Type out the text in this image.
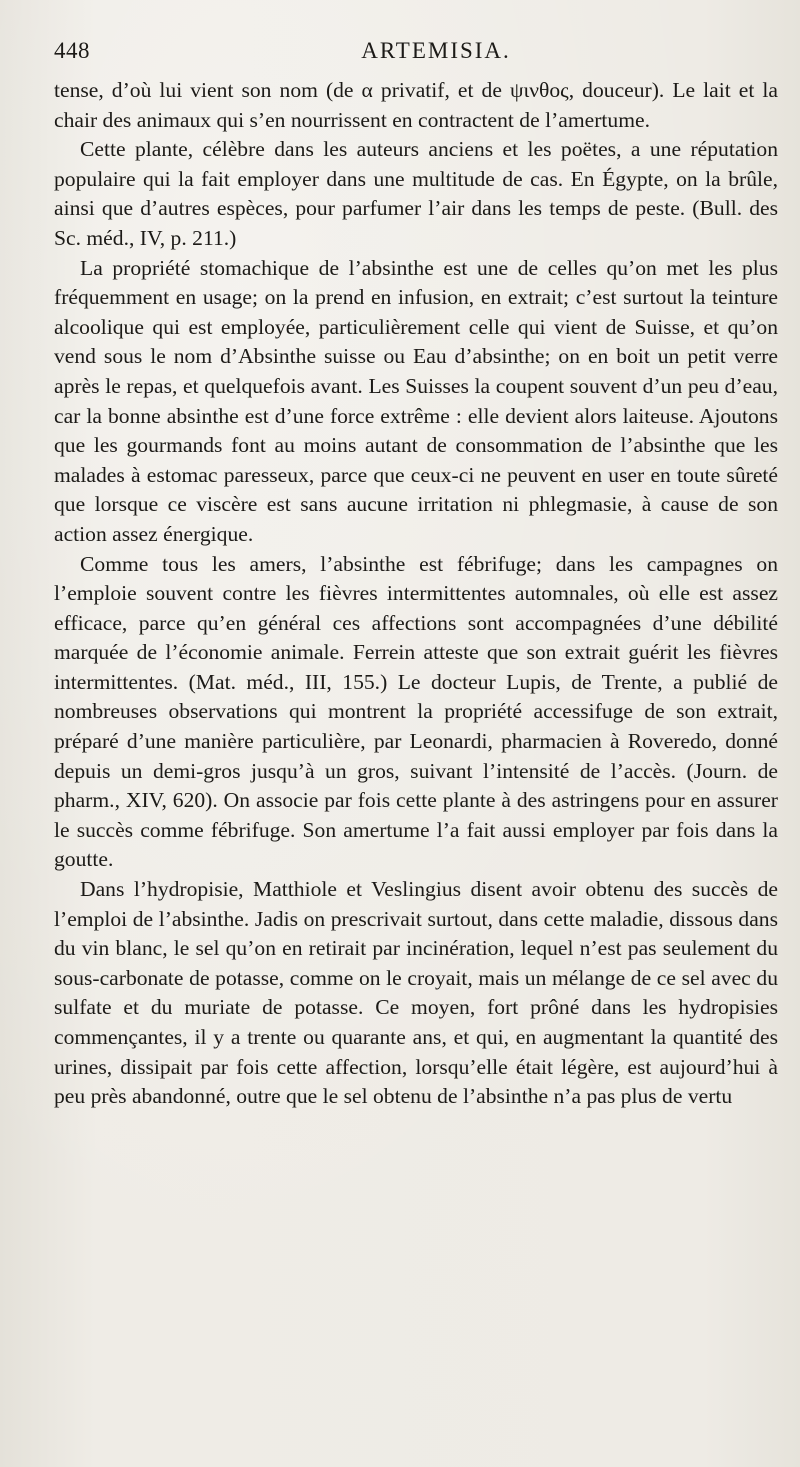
448	ARTEMISIA.

tense, d’où lui vient son nom (de α privatif, et de ψινθος, douceur). Le lait et la chair des animaux qui s’en nourrissent en contractent de l’amertume.

Cette plante, célèbre dans les auteurs anciens et les poëtes, a une réputation populaire qui la fait employer dans une multitude de cas. En Égypte, on la brûle, ainsi que d’autres espèces, pour parfumer l’air dans les temps de peste. (Bull. des Sc. méd., IV, p. 211.)

La propriété stomachique de l’absinthe est une de celles qu’on met les plus fréquemment en usage; on la prend en infusion, en extrait; c’est surtout la teinture alcoolique qui est employée, particulièrement celle qui vient de Suisse, et qu’on vend sous le nom d’Absinthe suisse ou Eau d’absinthe; on en boit un petit verre après le repas, et quelquefois avant. Les Suisses la coupent souvent d’un peu d’eau, car la bonne absinthe est d’une force extrême : elle devient alors laiteuse. Ajoutons que les gourmands font au moins autant de consommation de l’absinthe que les malades à estomac paresseux, parce que ceux-ci ne peuvent en user en toute sûreté que lorsque ce viscère est sans aucune irritation ni phlegmasie, à cause de son action assez énergique.

Comme tous les amers, l’absinthe est fébrifuge; dans les campagnes on l’emploie souvent contre les fièvres intermittentes automnales, où elle est assez efficace, parce qu’en général ces affections sont accompagnées d’une débilité marquée de l’économie animale. Ferrein atteste que son extrait guérit les fièvres intermittentes. (Mat. méd., III, 155.) Le docteur Lupis, de Trente, a publié de nombreuses observations qui montrent la propriété accessifuge de son extrait, préparé d’une manière particulière, par Leonardi, pharmacien à Roveredo, donné depuis un demi-gros jusqu’à un gros, suivant l’intensité de l’accès. (Journ. de pharm., XIV, 620). On associe par fois cette plante à des astringens pour en assurer le succès comme fébrifuge. Son amertume l’a fait aussi employer par fois dans la goutte.

Dans l’hydropisie, Matthiole et Veslingius disent avoir obtenu des succès de l’emploi de l’absinthe. Jadis on prescrivait surtout, dans cette maladie, dissous dans du vin blanc, le sel qu’on en retirait par incinération, lequel n’est pas seulement du sous-carbonate de potasse, comme on le croyait, mais un mélange de ce sel avec du sulfate et du muriate de potasse. Ce moyen, fort prôné dans les hydropisies commençantes, il y a trente ou quarante ans, et qui, en augmentant la quantité des urines, dissipait par fois cette affection, lorsqu’elle était légère, est aujourd’hui à peu près abandonné, outre que le sel obtenu de l’absinthe n’a pas plus de vertu
